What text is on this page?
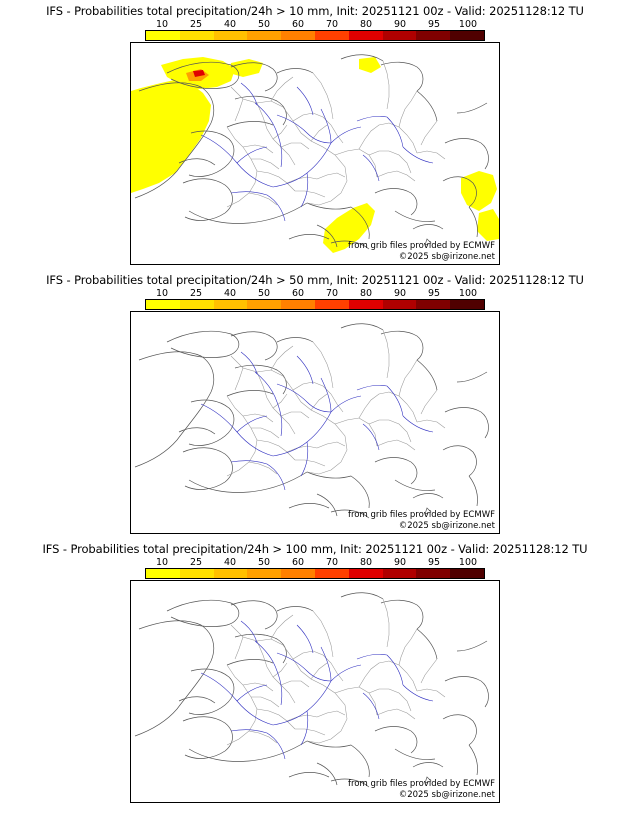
IFS - Probabilities total precipitation/24h > 10 mm, Init: 20251121 00z - Valid: 20251128:12 TU
10 25 40 50 60 70 80 90 95 100
from grib files provided by ECMWF
©2025 sb@irizone.net
IFS - Probabilities total precipitation/24h > 50 mm, Init: 20251121 00z - Valid: 20251128:12 TU
10 25 40 50 60 70 80 90 95 100
from grib files provided by ECMWF
©2025 sb@irizone.net
IFS - Probabilities total precipitation/24h > 100 mm, Init: 20251121 00z - Valid: 20251128:12 TU
10 25 40 50 60 70 80 90 95 100
from grib files provided by ECMWF
©2025 sb@irizone.net
